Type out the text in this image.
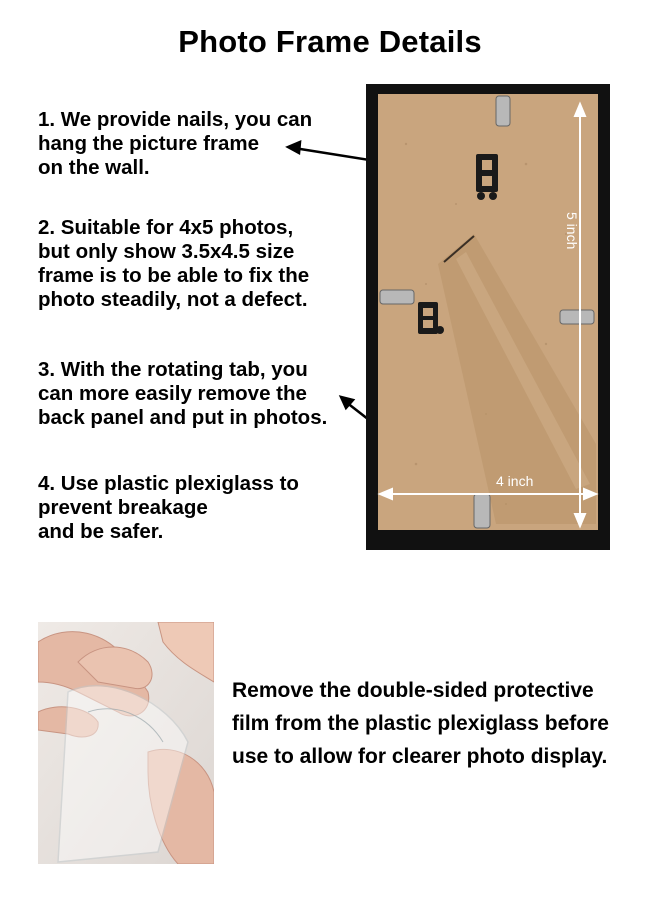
Photo Frame Details
1. We provide nails, you can
hang the picture frame
on the wall.
2. Suitable for 4x5 photos,
but only show 3.5x4.5 size
frame is to be able to fix the
photo steadily, not a defect.
3. With the rotating tab, you
can more easily remove the
back panel and put in photos.
4. Use plastic plexiglass to
prevent breakage
and be safer.
5 inch
4 inch
Remove the double-sided protective
film from the plastic plexiglass before
use to allow for clearer photo display.
